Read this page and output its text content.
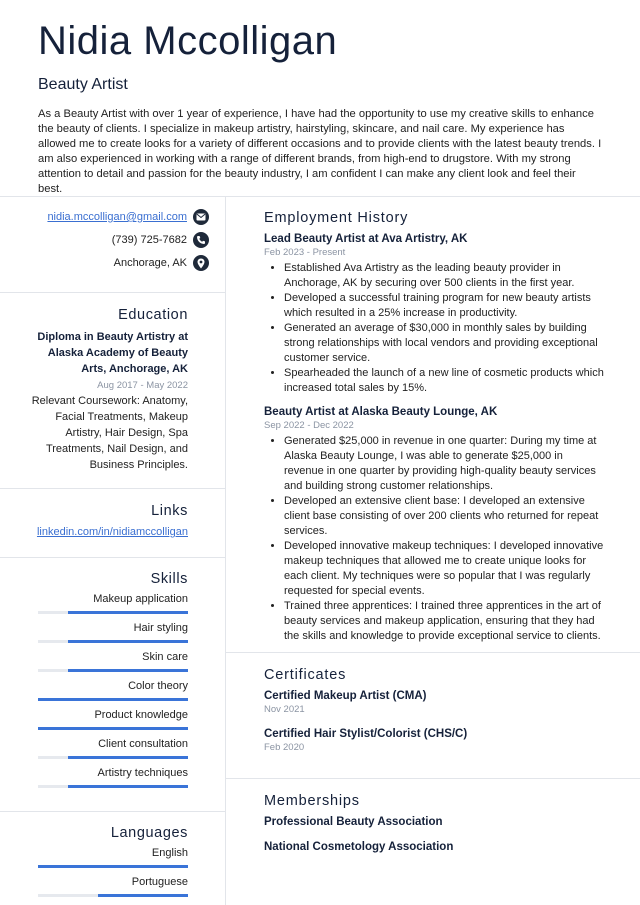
Nidia Mccolligan
Beauty Artist
As a Beauty Artist with over 1 year of experience, I have had the opportunity to use my creative skills to enhance the beauty of clients. I specialize in makeup artistry, hairstyling, skincare, and nail care. My experience has allowed me to create looks for a variety of different occasions and to provide clients with the latest beauty trends. I am also experienced in working with a range of different brands, from high-end to drugstore. With my strong attention to detail and passion for the beauty industry, I am confident I can make any client look and feel their best.
nidia.mccolligan@gmail.com
(739) 725-7682
Anchorage, AK
Education
Diploma in Beauty Artistry at Alaska Academy of Beauty Arts, Anchorage, AK
Aug 2017 - May 2022
Relevant Coursework: Anatomy, Facial Treatments, Makeup Artistry, Hair Design, Spa Treatments, Nail Design, and Business Principles.
Links
linkedin.com/in/nidiamccolligan
Skills
Makeup application
Hair styling
Skin care
Color theory
Product knowledge
Client consultation
Artistry techniques
Languages
English
Portuguese
Employment History
Lead Beauty Artist at Ava Artistry, AK
Feb 2023 - Present
• Established Ava Artistry as the leading beauty provider in Anchorage, AK by securing over 500 clients in the first year.
• Developed a successful training program for new beauty artists which resulted in a 25% increase in productivity.
• Generated an average of $30,000 in monthly sales by building strong relationships with local vendors and providing exceptional customer service.
• Spearheaded the launch of a new line of cosmetic products which increased total sales by 15%.
Beauty Artist at Alaska Beauty Lounge, AK
Sep 2022 - Dec 2022
• Generated $25,000 in revenue in one quarter: During my time at Alaska Beauty Lounge, I was able to generate $25,000 in revenue in one quarter by providing high-quality beauty services and building strong customer relationships.
• Developed an extensive client base: I developed an extensive client base consisting of over 200 clients who returned for repeat services.
• Developed innovative makeup techniques: I developed innovative makeup techniques that allowed me to create unique looks for each client. My techniques were so popular that I was regularly requested for special events.
• Trained three apprentices: I trained three apprentices in the art of beauty services and makeup application, ensuring that they had the skills and knowledge to provide exceptional service to clients.
Certificates
Certified Makeup Artist (CMA)
Nov 2021
Certified Hair Stylist/Colorist (CHS/C)
Feb 2020
Memberships
Professional Beauty Association
National Cosmetology Association
